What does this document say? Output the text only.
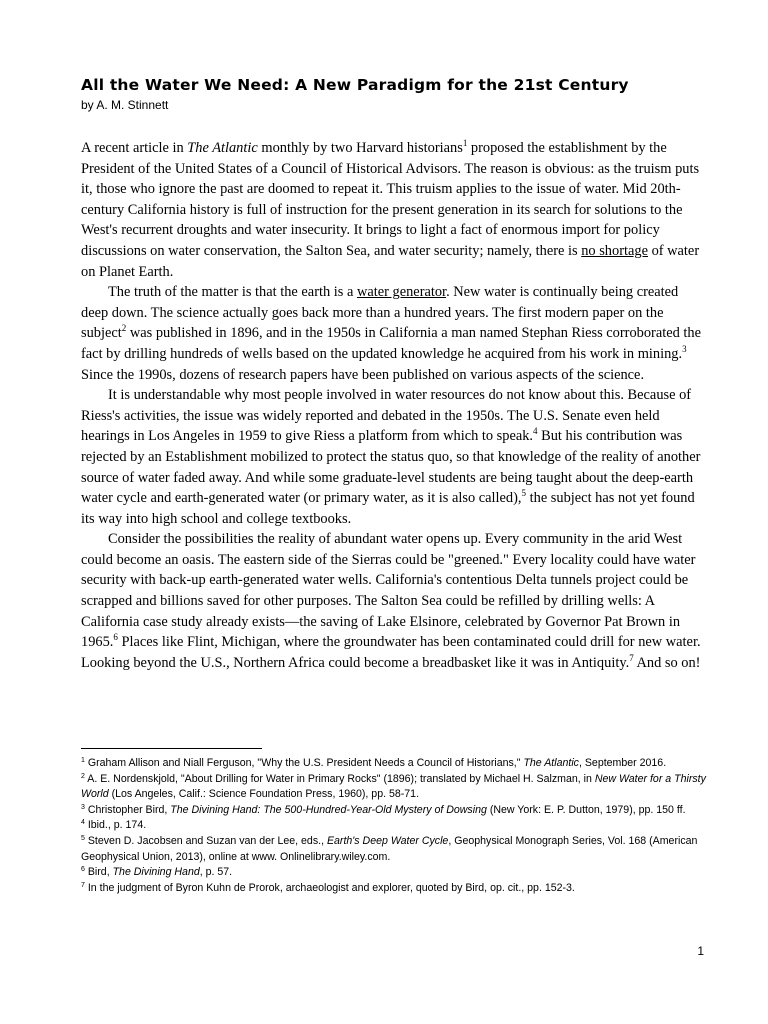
All the Water We Need: A New Paradigm for the 21st Century

by A. M. Stinnett

A recent article in The Atlantic monthly by two Harvard historians$^1$ proposed the establishment by the President of the United States of a Council of Historical Advisors. The reason is obvious: as the truism puts it, those who ignore the past are doomed to repeat it. This truism applies to the issue of water. Mid 20th-century California history is full of instruction for the present generation in its search for solutions to the West's recurrent droughts and water insecurity. It brings to light a fact of enormous import for policy discussions on water conservation, the Salton Sea, and water security; namely, there is no shortage of water on Planet Earth.

The truth of the matter is that the earth is a water generator. New water is continually being created deep down. The science actually goes back more than a hundred years. The first modern paper on the subject$^2$ was published in 1896, and in the 1950s in California a man named Stephan Riess corroborated the fact by drilling hundreds of wells based on the updated knowledge he acquired from his work in mining.$^3$ Since the 1990s, dozens of research papers have been published on various aspects of the science.

It is understandable why most people involved in water resources do not know about this. Because of Riess's activities, the issue was widely reported and debated in the 1950s. The U.S. Senate even held hearings in Los Angeles in 1959 to give Riess a platform from which to speak.$^4$ But his contribution was rejected by an Establishment mobilized to protect the status quo, so that knowledge of the reality of another source of water faded away. And while some graduate-level students are being taught about the deep-earth water cycle and earth-generated water (or primary water, as it is also called),$^5$ the subject has not yet found its way into high school and college textbooks.

Consider the possibilities the reality of abundant water opens up. Every community in the arid West could become an oasis. The eastern side of the Sierras could be "greened." Every locality could have water security with back-up earth-generated water wells. California's contentious Delta tunnels project could be scrapped and billions saved for other purposes. The Salton Sea could be refilled by drilling wells: A California case study already exists—the saving of Lake Elsinore, celebrated by Governor Pat Brown in 1965.$^6$ Places like Flint, Michigan, where the groundwater has been contaminated could drill for new water. Looking beyond the U.S., Northern Africa could become a breadbasket like it was in Antiquity.$^7$ And so on!

$^1$ Graham Allison and Niall Ferguson, "Why the U.S. President Needs a Council of Historians," The Atlantic, September 2016.

$^2$ A. E. Nordenskjold, "About Drilling for Water in Primary Rocks" (1896); translated by Michael H. Salzman, in New Water for a Thirsty World (Los Angeles, Calif.: Science Foundation Press, 1960), pp. 58-71.

$^3$ Christopher Bird, The Divining Hand: The 500-Hundred-Year-Old Mystery of Dowsing (New York: E. P. Dutton, 1979), pp. 150 ff.

$^4$ Ibid., p. 174.

$^5$ Steven D. Jacobsen and Suzan van der Lee, eds., Earth's Deep Water Cycle, Geophysical Monograph Series, Vol. 168 (American Geophysical Union, 2013), online at www. Onlinelibrary.wiley.com.

$^6$ Bird, The Divining Hand, p. 57.

$^7$ In the judgment of Byron Kuhn de Prorok, archaeologist and explorer, quoted by Bird, op. cit., pp. 152-3.

1
